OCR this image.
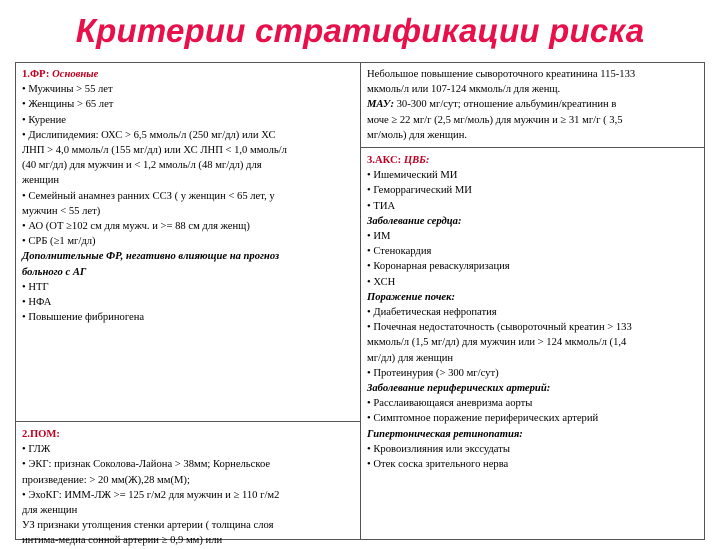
Критерии стратификации риска
1.ФР: Основные
• Мужчины > 55 лет
• Женщины > 65 лет
• Курение
• Дислипидемия: ОХС > 6,5 ммоль/л (250 мг/дл) или ХС
ЛНП > 4,0 ммоль/л (155 мг/дл) или ХС ЛНП < 1,0 ммоль/л
(40 мг/дл) для мужчин и < 1,2 ммоль/л (48 мг/дл) для
женщин
• Семейный анамнез ранних ССЗ ( у женщин < 65 лет, у
мужчин < 55 лет)
• АО (ОТ ≥102 см для мужч. и >= 88 см для женщ)
• СРБ (≥1 мг/дл)
Дополнительные ФР, негативно влияющие на прогноз
больного с АГ
• НТГ
• НФА
• Повышение фибриногена
2.ПОМ:
• ГЛЖ
• ЭКГ: признак Соколова-Лайона > 38мм; Корнельское
произведение: > 20 мм(Ж),28 мм(М);
• ЭхоКГ: ИММ-ЛЖ >= 125 г/м2 для мужчин и ≥ 110 г/м2
для женщин
УЗ признаки утолщения стенки артерии ( толщина слоя
интима-медиа сонной артерии ≥ 0,9 мм) или
Небольшое повышение сывороточного креатинина 115-133
мкмоль/л или 107-124 мкмоль/л для женщ.
МАУ: 30-300 мг/сут; отношение альбумин/креатинин в
моче ≥ 22 мг/г (2,5 мг/моль) для мужчин и ≥ 31 мг/г ( 3,5
мг/моль) для женщин.
3.АКС: ЦВБ:
• Ишемический МИ
• Геморрагический МИ
• ТИА
Заболевание сердца:
• ИМ
• Стенокардия
• Коронарная реваскуляризация
• ХСН
Поражение почек:
• Диабетическая нефропатия
• Почечная недостаточность (сывороточный креатин > 133
мкмоль/л (1,5 мг/дл) для мужчин или > 124 мкмоль/л (1,4
мг/дл) для женщин
• Протеинурия (> 300 мг/сут)
Заболевание периферических артерий:
• Расслаивающаяся аневризма аорты
• Симптомное поражение периферических артерий
Гипертоническая ретинопатия:
• Кровоизлияния или экссудаты
• Отек соска зрительного нерва
